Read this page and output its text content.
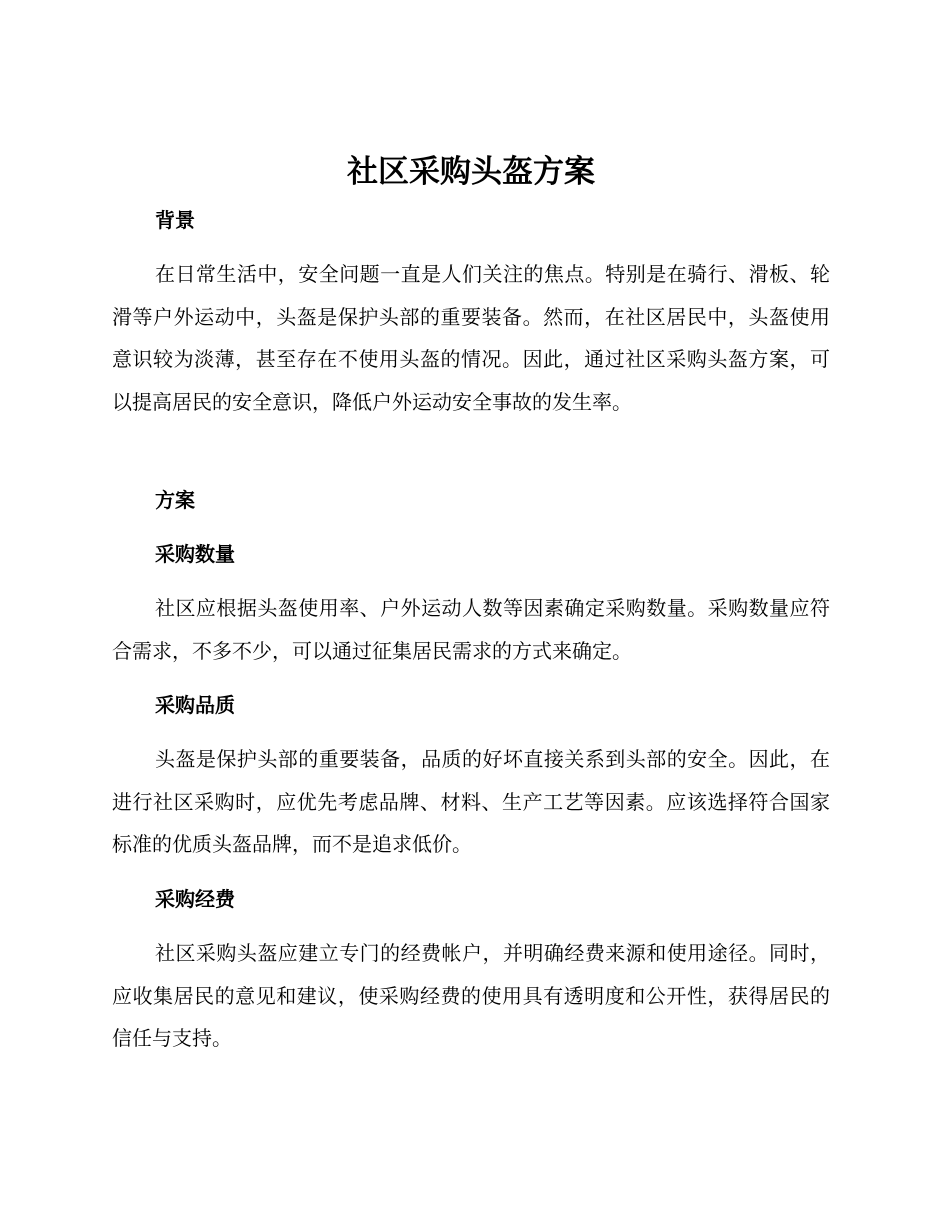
社区采购头盔方案
背景

在日常生活中，安全问题一直是人们关注的焦点。特别是在骑行、滑板、轮滑等户外运动中，头盔是保护头部的重要装备。然而，在社区居民中，头盔使用意识较为淡薄，甚至存在不使用头盔的情况。因此，通过社区采购头盔方案，可以提高居民的安全意识，降低户外运动安全事故的发生率。

方案
采购数量

社区应根据头盔使用率、户外运动人数等因素确定采购数量。采购数量应符合需求，不多不少，可以通过征集居民需求的方式来确定。

采购品质

头盔是保护头部的重要装备，品质的好坏直接关系到头部的安全。因此，在进行社区采购时，应优先考虑品牌、材料、生产工艺等因素。应该选择符合国家标准的优质头盔品牌，而不是追求低价。

采购经费

社区采购头盔应建立专门的经费帐户，并明确经费来源和使用途径。同时，应收集居民的意见和建议，使采购经费的使用具有透明度和公开性，获得居民的信任与支持。
